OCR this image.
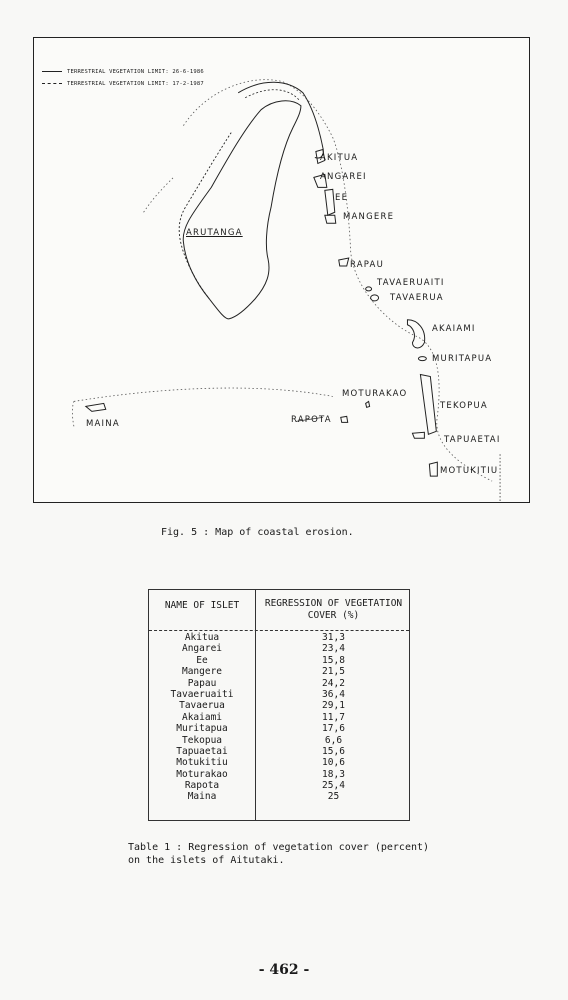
TERRESTRIAL VEGETATION LIMIT: 26-6-1986
TERRESTRIAL VEGETATION LIMIT: 17-2-1987
AKITUA
ANGAREI
EE
MANGERE
ARUTANGA
RAPAU
TAVAERUAITI
TAVAERUA
AKAIAMI
MURITAPUA
MOTURAKAO
TEKOPUA
RAPOTA
TAPUAETAI
MAINA
MOTUKITIU
Fig. 5 : Map of coastal erosion.
NAME OF ISLET	REGRESSION OF VEGETATION
COVER (%)
Akitua	31,3
Angarei	23,4
Ee	15,8
Mangere	21,5
Papau	24,2
Tavaeruaiti	36,4
Tavaerua	29,1
Akaiami	11,7
Muritapua	17,6
Tekopua	6,6
Tapuaetai	15,6
Motukitiu	10,6
Moturakao	18,3
Rapota	25,4
Maina	25
Table 1 : Regression of vegetation cover (percent)
on the islets of Aitutaki.
- 462 -
